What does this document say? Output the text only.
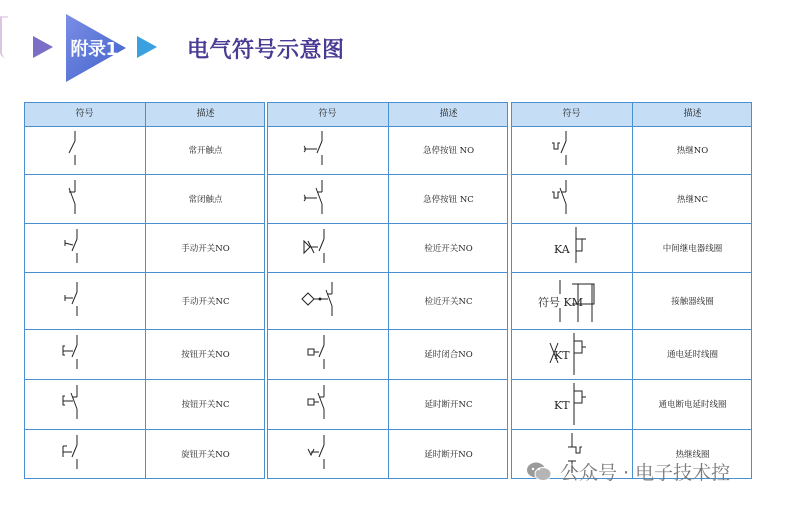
附录1	电气符号示意图
符号	描述
常开触点
常闭触点
手动开关NO
手动开关NC
按钮开关NO
按钮开关NC
旋钮开关NO
符号	描述
急停按钮 NO
急停按钮 NC
检近开关NO
检近开关NC
延时闭合NO
延时断开NC
延时断开NO
符号	描述
热继NO
热继NC
KA	中间继电器线圈
符号 KM	接触器线圈
KT	通电延时线圈
KT	通电断电延时线圈
热继线圈
公众号 · 电子技术控
